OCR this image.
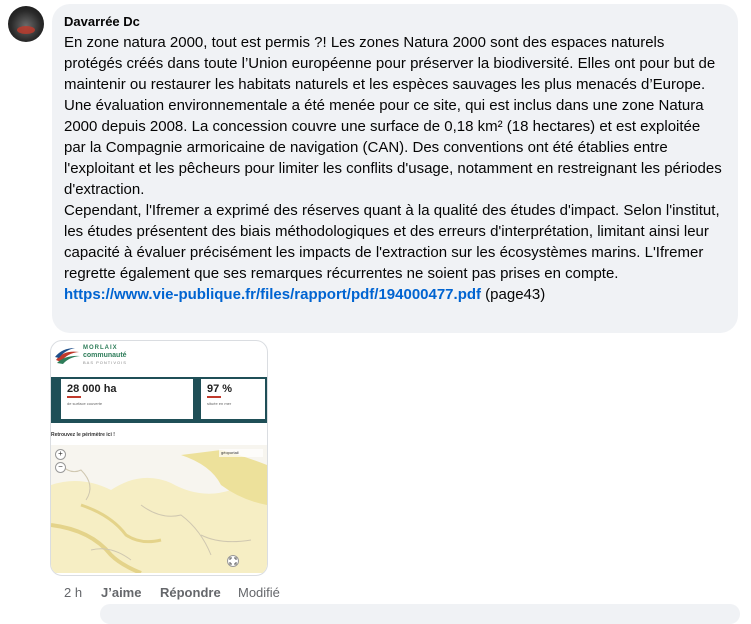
Davarrée Dc
En zone natura 2000, tout est permis ?! Les zones Natura 2000 sont des espaces naturels protégés créés dans toute l’Union européenne pour préserver la biodiversité. Elles ont pour but de maintenir ou restaurer les habitats naturels et les espèces sauvages les plus menacés d’Europe. Une évaluation environnementale a été menée pour ce site, qui est inclus dans une zone Natura 2000 depuis 2008. La concession couvre une surface de 0,18 km² (18 hectares) et est exploitée par la Compagnie armoricaine de navigation (CAN). Des conventions ont été établies entre l'exploitant et les pêcheurs pour limiter les conflits d'usage, notamment en restreignant les périodes d'extraction.
Cependant, l'Ifremer a exprimé des réserves quant à la qualité des études d'impact. Selon l'institut, les études présentent des biais méthodologiques et des erreurs d'interprétation, limitant ainsi leur capacité à évaluer précisément les impacts de l'extraction sur les écosystèmes marins. L'Ifremer regrette également que ses remarques récurrentes ne soient pas prises en compte.
https://www.vie-publique.fr/files/rapport/pdf/194000477.pdf (page43)
MORLAIX
communauté
BAS PONTIVOIS
28 000 ha
de surface couverte
97 %
située en mer
Retrouvez le périmètre ici !
+
−
géoportail
2 h J’aime Répondre Modifié
